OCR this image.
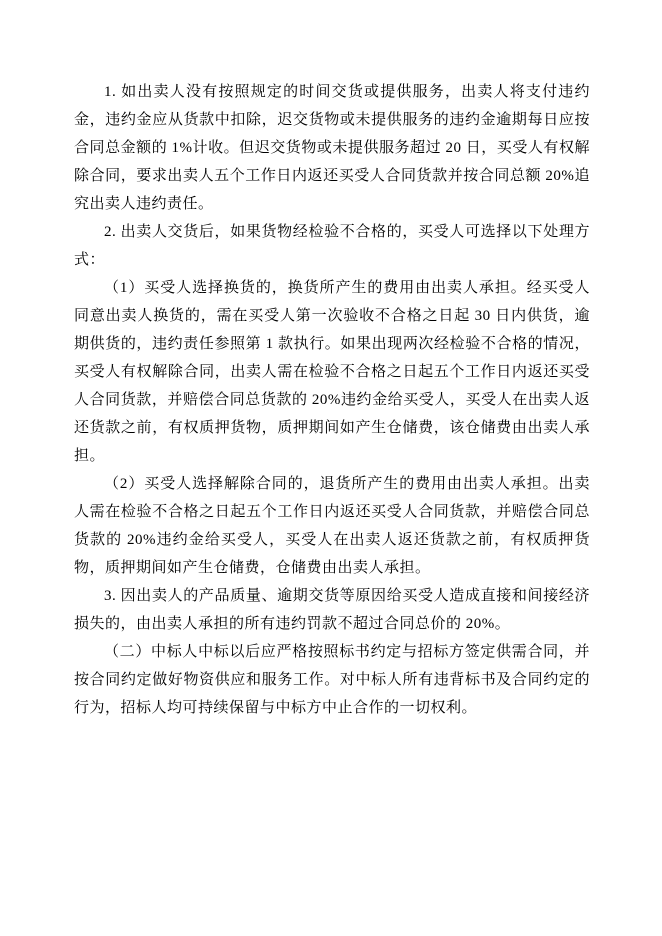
1. 如出卖人没有按照规定的时间交货或提供服务，出卖人将支付违约金，违约金应从货款中扣除，迟交货物或未提供服务的违约金逾期每日应按合同总金额的 1%计收。但迟交货物或未提供服务超过 20 日，买受人有权解除合同，要求出卖人五个工作日内返还买受人合同货款并按合同总额 20%追究出卖人违约责任。

2. 出卖人交货后，如果货物经检验不合格的，买受人可选择以下处理方式：

（1）买受人选择换货的，换货所产生的费用由出卖人承担。经买受人同意出卖人换货的，需在买受人第一次验收不合格之日起 30 日内供货，逾期供货的，违约责任参照第 1 款执行。如果出现两次经检验不合格的情况，买受人有权解除合同，出卖人需在检验不合格之日起五个工作日内返还买受人合同货款，并赔偿合同总货款的 20%违约金给买受人，买受人在出卖人返还货款之前，有权质押货物，质押期间如产生仓储费，该仓储费由出卖人承担。

（2）买受人选择解除合同的，退货所产生的费用由出卖人承担。出卖人需在检验不合格之日起五个工作日内返还买受人合同货款，并赔偿合同总货款的 20%违约金给买受人，买受人在出卖人返还货款之前，有权质押货物，质押期间如产生仓储费，仓储费由出卖人承担。

3. 因出卖人的产品质量、逾期交货等原因给买受人造成直接和间接经济损失的，由出卖人承担的所有违约罚款不超过合同总价的 20%。

（二）中标人中标以后应严格按照标书约定与招标方签定供需合同，并按合同约定做好物资供应和服务工作。对中标人所有违背标书及合同约定的行为，招标人均可持续保留与中标方中止合作的一切权利。
